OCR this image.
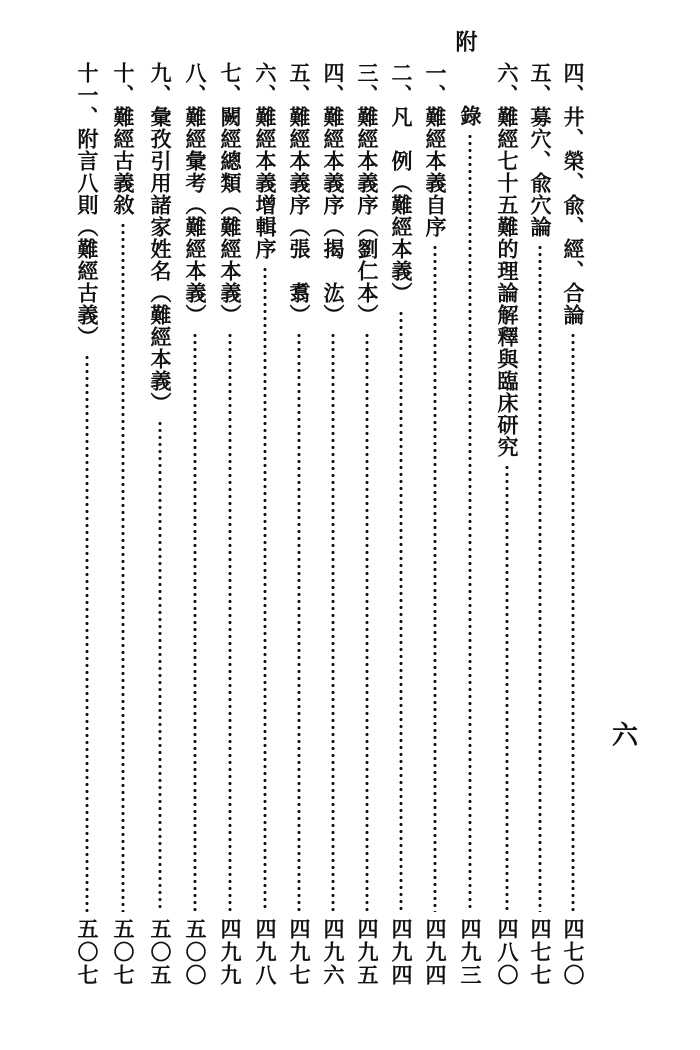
四、井、榮、兪、經、合論
四七〇
五、募穴、兪穴論
四七七
六、難經七十五難的理論解釋與臨床研究
四八〇
附
錄
四九三
一、難經本義自序
四九四
二、凡　例（難經本義）
四九四
三、難經本義序（劉仁本）
四九五
四、難經本義序（揭　汯）
四九六
五、難經本義序（張　翥）
四九七
六、難經本義增輯序
四九八
七、闕經總類（難經本義）
四九九
八、難經彙考（難經本義）
五〇〇
九、彙孜引用諸家姓名（難經本義）
五〇五
十、難經古義敘
五〇七
十一、附言八則（難經古義）
五〇七
六
